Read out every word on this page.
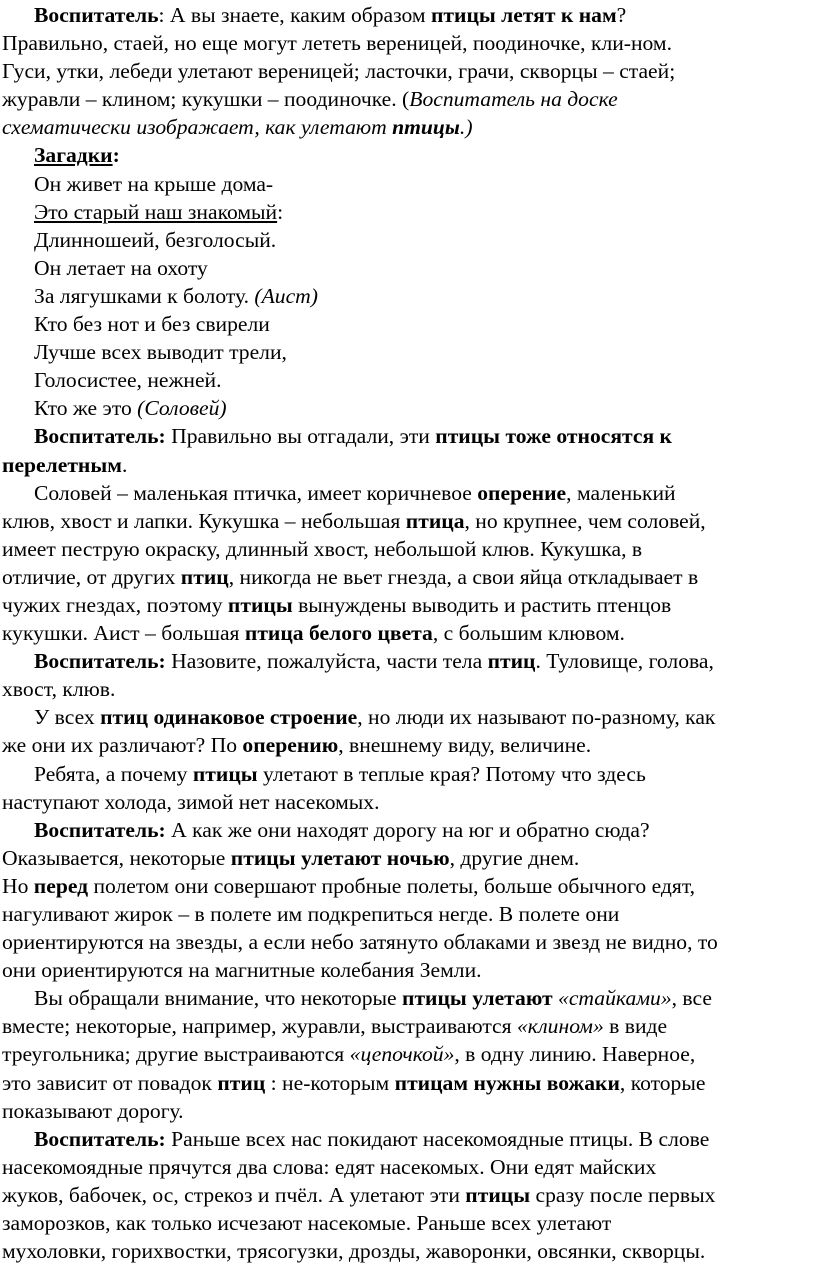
Воспитатель: А вы знаете, каким образом птицы летят к нам?
Правильно, стаей, но еще могут лететь вереницей, поодиночке, кли-ном.
Гуси, утки, лебеди улетают вереницей; ласточки, грачи, скворцы – стаей;
журавли – клином; кукушки – поодиночке. (Воспитатель на доске
схематически изображает, как улетают птицы.)
Загадки:
Он живет на крыше дома-
Это старый наш знакомый:
Длинношеий, безголосый.
Он летает на охоту
За лягушками к болоту. (Аист)
Кто без нот и без свирели
Лучше всех выводит трели,
Голосистее, нежней.
Кто же это (Соловей)
Воспитатель: Правильно вы отгадали, эти птицы тоже относятся к
перелетным.
Соловей – маленькая птичка, имеет коричневое оперение, маленький
клюв, хвост и лапки. Кукушка – небольшая птица, но крупнее, чем соловей,
имеет пеструю окраску, длинный хвост, небольшой клюв. Кукушка, в
отличие, от других птиц, никогда не вьет гнезда, а свои яйца откладывает в
чужих гнездах, поэтому птицы вынуждены выводить и растить птенцов
кукушки. Аист – большая птица белого цвета, с большим клювом.
Воспитатель: Назовите, пожалуйста, части тела птиц. Туловище, голова,
хвост, клюв.
У всех птиц одинаковое строение, но люди их называют по-разному, как
же они их различают? По оперению, внешнему виду, величине.
Ребята, а почему птицы улетают в теплые края? Потому что здесь
наступают холода, зимой нет насекомых.
Воспитатель: А как же они находят дорогу на юг и обратно сюда?
Оказывается, некоторые птицы улетают ночью, другие днем.
Но перед полетом они совершают пробные полеты, больше обычного едят,
нагуливают жирок – в полете им подкрепиться негде. В полете они
ориентируются на звезды, а если небо затянуто облаками и звезд не видно, то
они ориентируются на магнитные колебания Земли.
Вы обращали внимание, что некоторые птицы улетают «стайками», все
вместе; некоторые, например, журавли, выстраиваются «клином» в виде
треугольника; другие выстраиваются «цепочкой», в одну линию. Наверное,
это зависит от повадок птиц : не-которым птицам нужны вожаки, которые
показывают дорогу.
Воспитатель: Раньше всех нас покидают насекомоядные птицы. В слове
насекомоядные прячутся два слова: едят насекомых. Они едят майских
жуков, бабочек, ос, стрекоз и пчёл. А улетают эти птицы сразу после первых
заморозков, как только исчезают насекомые. Раньше всех улетают
мухоловки, горихвостки, трясогузки, дрозды, жаворонки, овсянки, скворцы.
